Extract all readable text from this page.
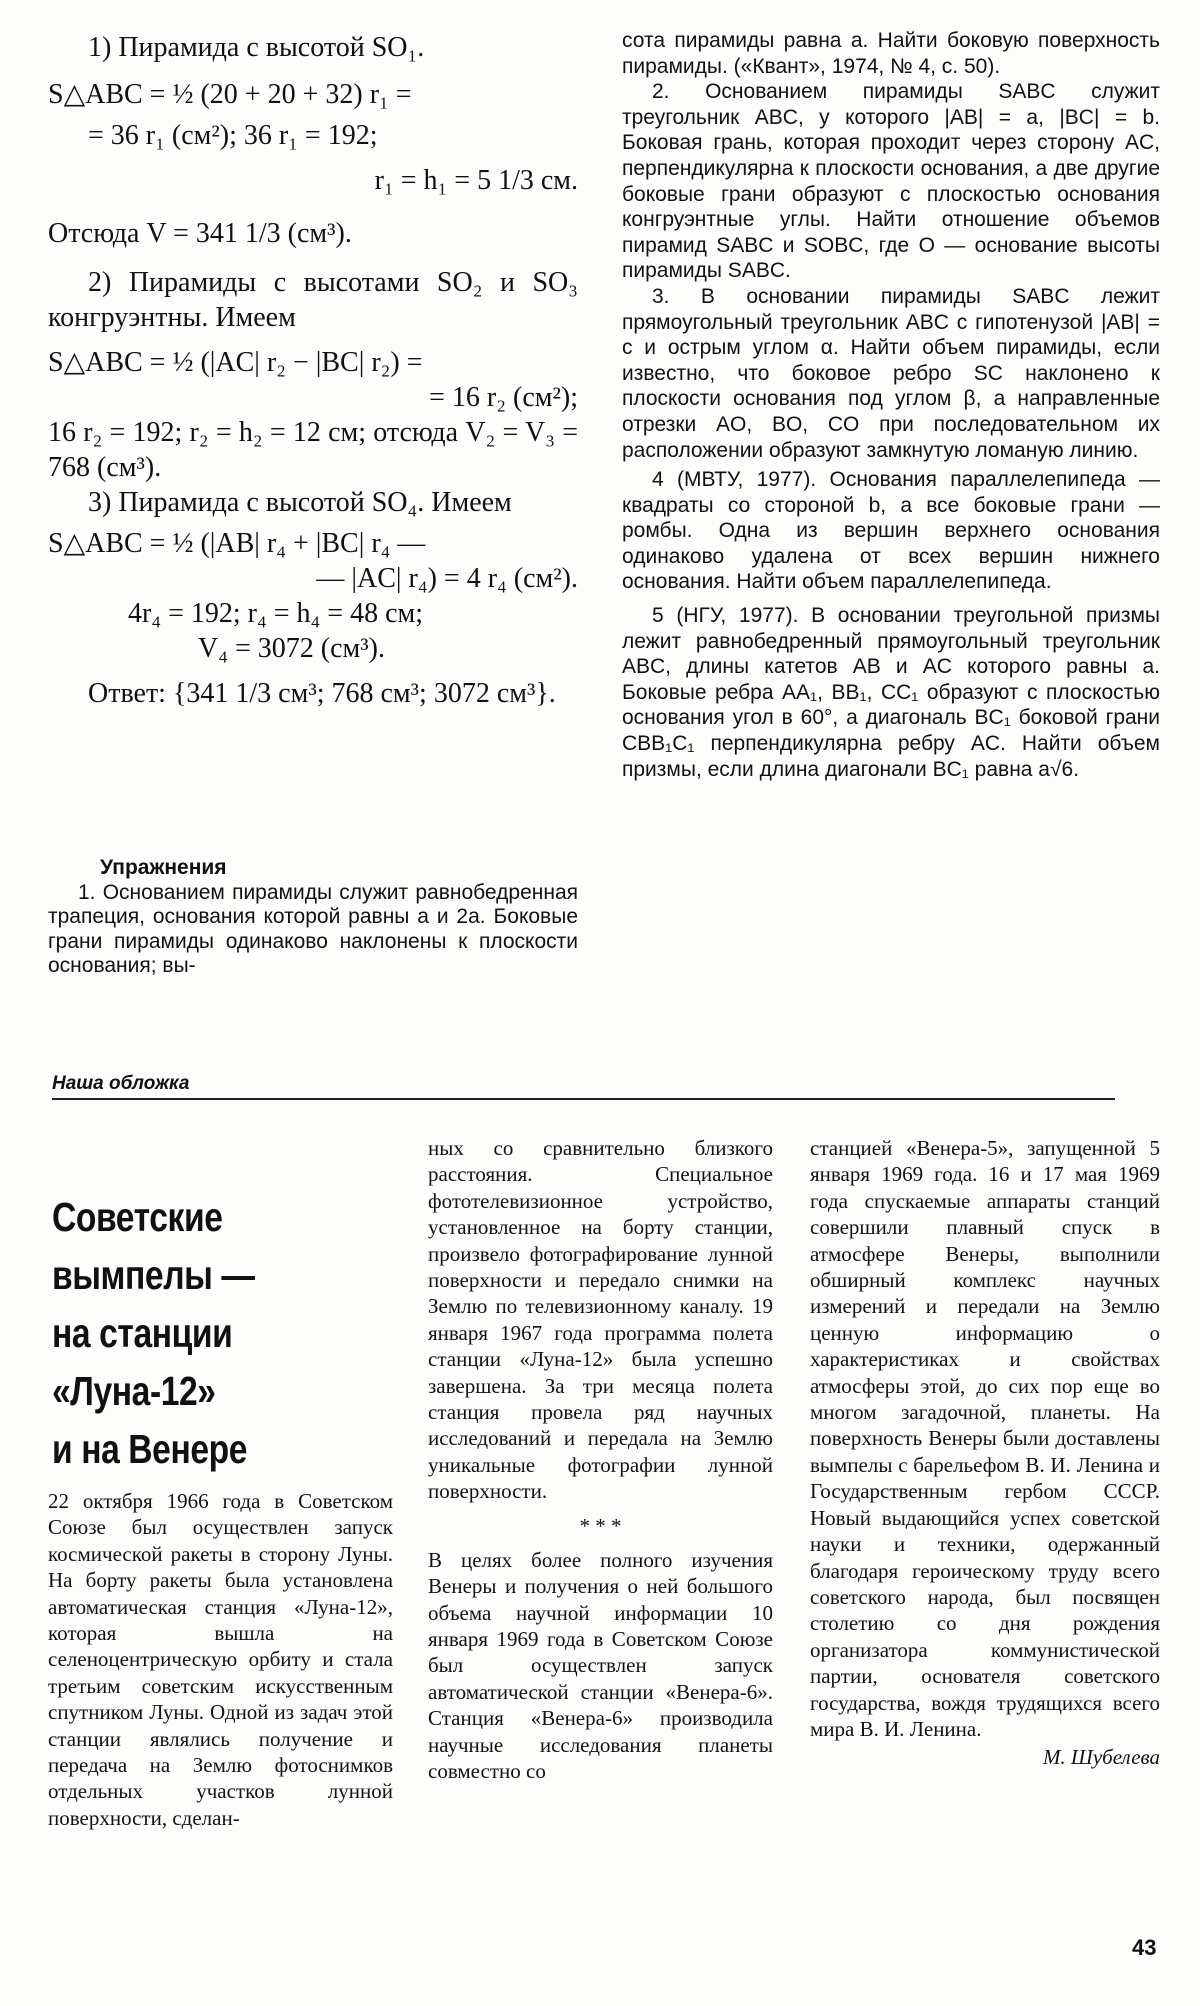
1) Пирамида с высотой SO₁.

S△ABC = ½ (20 + 20 + 32) r₁ =

= 36 r₁ (см²); 36 r₁ = 192;

r₁ = h₁ = 5 1/3 см.

Отсюда V = 341 1/3 (см³).

2) Пирамиды с высотами SO₂ и SO₃ конгруэнтны. Имеем

S△ABC = ½ (|AC| r₂ − |BC| r₂) =

= 16 r₂ (см²);

16 r₂ = 192; r₂ = h₂ = 12 см; отсюда V₂ = V₃ = 768 (см³).

3) Пирамида с высотой SO₄. Имеем

S△ABC = ½ (|AB| r₄ + |BC| r₄ —

— |AC| r₄) = 4 r₄ (см²).

4r₄ = 192; r₄ = h₄ = 48 см;

V₄ = 3072 (см³).

Ответ: {341 1/3 см³; 768 см³; 3072 см³}.

Упражнения

1. Основанием пирамиды служит равнобедренная трапеция, основания которой равны a и 2a. Боковые грани пирамиды одинаково наклонены к плоскости основания; вы-

сота пирамиды равна a. Найти боковую поверхность пирамиды. («Квант», 1974, № 4, с. 50).

2. Основанием пирамиды SABC служит треугольник ABC, у которого |AB| = a, |BC| = b. Боковая грань, которая проходит через сторону AC, перпендикулярна к плоскости основания, а две другие боковые грани образуют с плоскостью основания конгруэнтные углы. Найти отношение объемов пирамид SABC и SOBC, где O — основание высоты пирамиды SABC.

3. В основании пирамиды SABC лежит прямоугольный треугольник ABC с гипотенузой |AB| = c и острым углом α. Найти объем пирамиды, если известно, что боковое ребро SC наклонено к плоскости основания под углом β, а направленные отрезки AO, BO, CO при последовательном их расположении образуют замкнутую ломаную линию.

4 (МВТУ, 1977). Основания параллелепипеда — квадраты со стороной b, а все боковые грани — ромбы. Одна из вершин верхнего основания одинаково удалена от всех вершин нижнего основания. Найти объем параллелепипеда.

5 (НГУ, 1977). В основании треугольной призмы лежит равнобедренный прямоугольный треугольник ABC, длины катетов AB и AC которого равны a. Боковые ребра AA₁, BB₁, CC₁ образуют с плоскостью основания угол в 60°, а диагональ BC₁ боковой грани CBB₁C₁ перпендикулярна ребру AC. Найти объем призмы, если длина диагонали BC₁ равна a√6.

Наша обложка
Советские
вымпелы —
на станции
«Луна-12»
и на Венере

22 октября 1966 года в Советском Союзе был осуществлен запуск космической ракеты в сторону Луны. На борту ракеты была установлена автоматическая станция «Луна-12», которая вышла на селеноцентрическую орбиту и стала третьим советским искусственным спутником Луны. Одной из задач этой станции являлись получение и передача на Землю фотоснимков отдельных участков лунной поверхности, сделан-

ных со сравнительно близкого расстояния. Специальное фототелевизионное устройство, установленное на борту станции, произвело фотографирование лунной поверхности и передало снимки на Землю по телевизионному каналу. 19 января 1967 года программа полета станции «Луна-12» была успешно завершена. За три месяца полета станция провела ряд научных исследований и передала на Землю уникальные фотографии лунной поверхности.

* * *

В целях более полного изучения Венеры и получения о ней большого объема научной информации 10 января 1969 года в Советском Союзе был осуществлен запуск автоматической станции «Венера-6». Станция «Венера-6» производила научные исследования планеты совместно со

станцией «Венера-5», запущенной 5 января 1969 года. 16 и 17 мая 1969 года спускаемые аппараты станций совершили плавный спуск в атмосфере Венеры, выполнили обширный комплекс научных измерений и передали на Землю ценную информацию о характеристиках и свойствах атмосферы этой, до сих пор еще во многом загадочной, планеты. На поверхность Венеры были доставлены вымпелы с барельефом В. И. Ленина и Государственным гербом СССР. Новый выдающийся успех советской науки и техники, одержанный благодаря героическому труду всего советского народа, был посвящен столетию со дня рождения организатора коммунистической партии, основателя советского государства, вождя трудящихся всего мира В. И. Ленина.

М. Шубелева

43
